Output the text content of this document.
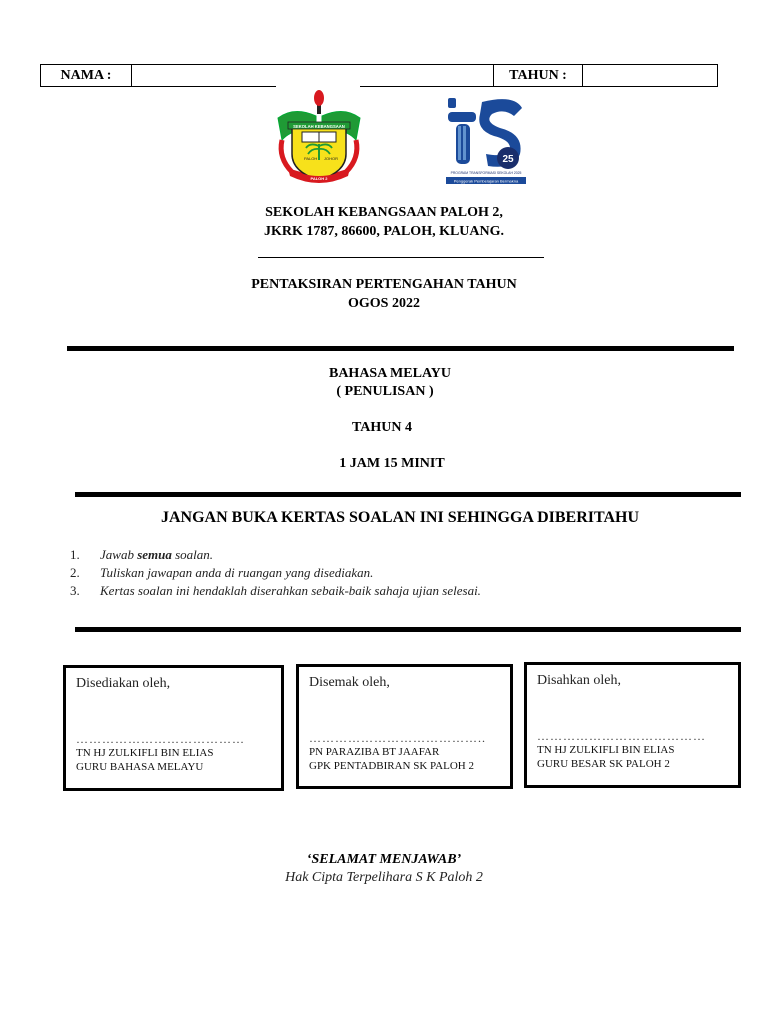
NAMA :	TAHUN :
SEKOLAH KEBANGSAAN
PALOH JOHOR
PALOH 2
25
PROGRAM TRANSFORMASI SEKOLAH 2025
Penggerak Pembelajaran Bermakna
SEKOLAH KEBANGSAAN PALOH 2,
JKRK 1787, 86600, PALOH, KLUANG.
PENTAKSIRAN PERTENGAHAN TAHUN
OGOS 2022
BAHASA MELAYU
( PENULISAN )
TAHUN 4
1 JAM 15 MINIT
JANGAN BUKA KERTAS SOALAN INI SEHINGGA DIBERITAHU
1. Jawab semua soalan.
2. Tuliskan jawapan anda di ruangan yang disediakan.
3. Kertas soalan ini hendaklah diserahkan sebaik-baik sahaja ujian selesai.
Disediakan oleh,
…………………………………
TN HJ ZULKIFLI BIN ELIAS
GURU BAHASA MELAYU
Disemak oleh,
…………………………………..
PN PARAZIBA BT JAAFAR
GPK PENTADBIRAN SK PALOH 2
Disahkan oleh,
…………………………………
TN HJ ZULKIFLI BIN ELIAS
GURU BESAR SK PALOH 2
‘SELAMAT MENJAWAB’
Hak Cipta Terpelihara S K Paloh 2
